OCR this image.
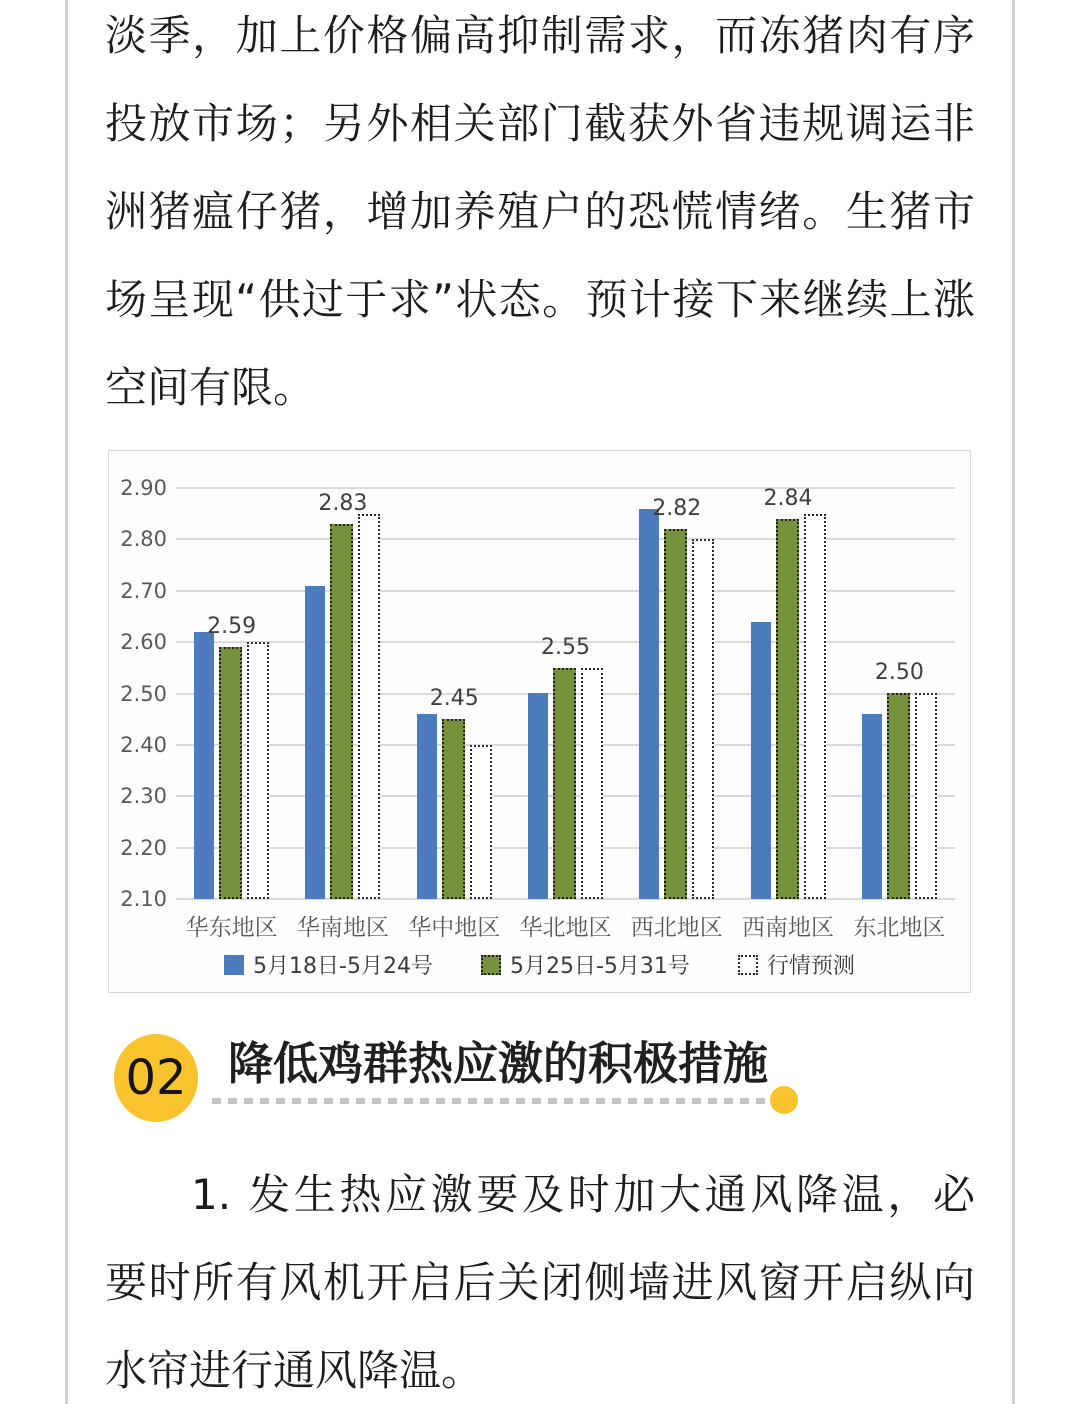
淡季，加上价格偏高抑制需求，而冻猪肉有序
投放市场；另外相关部门截获外省违规调运非
洲猪瘟仔猪，增加养殖户的恐慌情绪。生猪市
场呈现“供过于求”状态。预计接下来继续上涨
空间有限。
2.90
2.80
2.70
2.60
2.50
2.40
2.30
2.20
2.10
2.59
2.83
2.45
2.55
2.82	2.84
2.50
华东地区 华南地区 华中地区 华北地区 西北地区 西南地区 东北地区
5月18日-5月24号	5月25日-5月31号	行情预测
02 降低鸡群热应激的积极措施
1. 发生热应激要及时加大通风降温，必
要时所有风机开启后关闭侧墙进风窗开启纵向
水帘进行通风降温。
